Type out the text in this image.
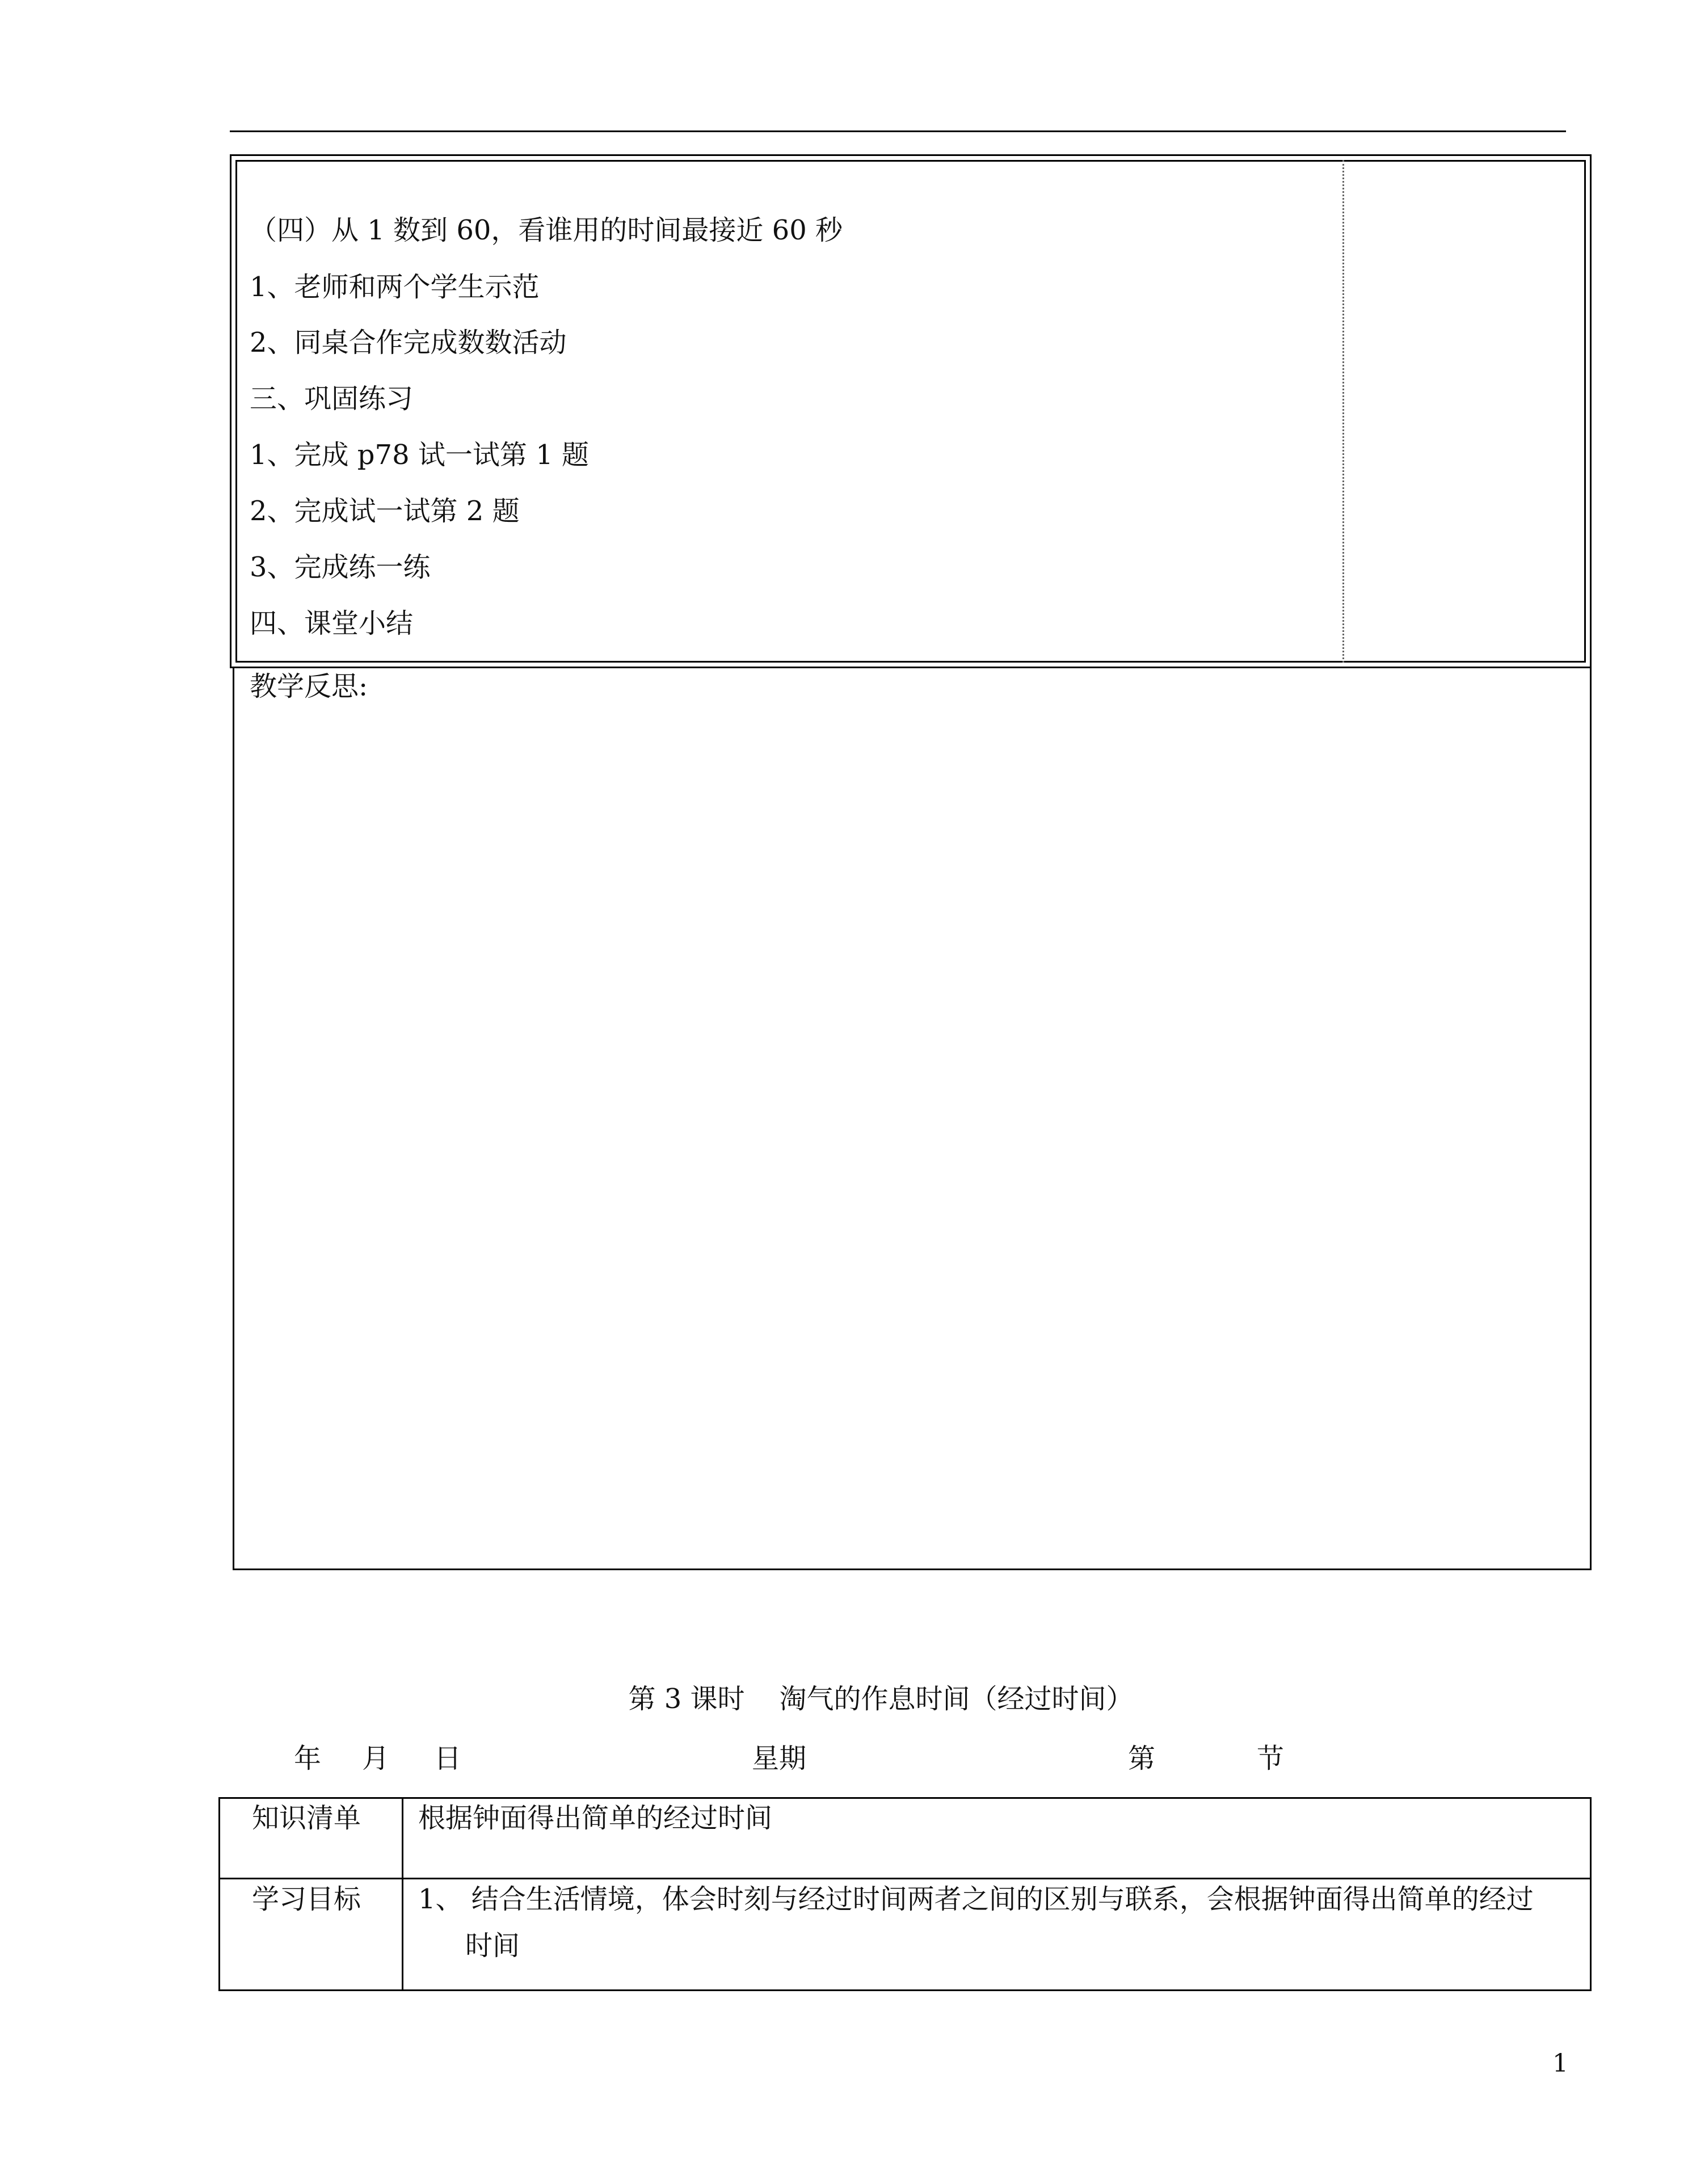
（四）从 1 数到 60，看谁用的时间最接近 60 秒
1、老师和两个学生示范
2、同桌合作完成数数活动
三、巩固练习
1、完成 p78 试一试第 1 题
2、完成试一试第 2 题
3、完成练一练
四、课堂小结
教学反思:
第 3 课时    淘气的作息时间（经过时间）
年 月 日	星期	第	节
知识清单 根据钟面得出简单的经过时间
学习目标 1、 结合生活情境，体会时刻与经过时间两者之间的区别与联系，会根据钟面得出简单的经过
时间
1
